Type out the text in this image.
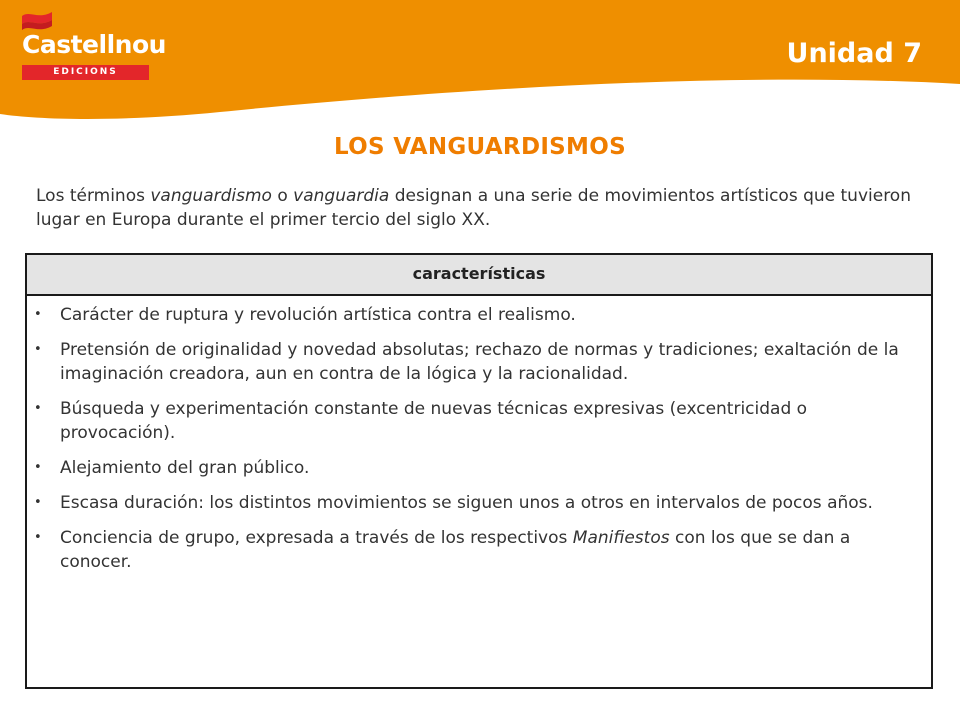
Castellnou
EDICIONS
Unidad 7
LOS VANGUARDISMOS

Los términos vanguardismo o vanguardia designan a una serie de movimientos artísticos que tuvieron lugar en Europa durante el primer tercio del siglo XX.

características
• Carácter de ruptura y revolución artística contra el realismo.
• Pretensión de originalidad y novedad absolutas; rechazo de normas y tradiciones; exaltación de la imaginación creadora, aun en contra de la lógica y la racionalidad.
• Búsqueda y experimentación constante de nuevas técnicas expresivas (excentricidad o provocación).
• Alejamiento del gran público.
• Escasa duración: los distintos movimientos se siguen unos a otros en intervalos de pocos años.
• Conciencia de grupo, expresada a través de los respectivos Manifiestos con los que se dan a conocer.
